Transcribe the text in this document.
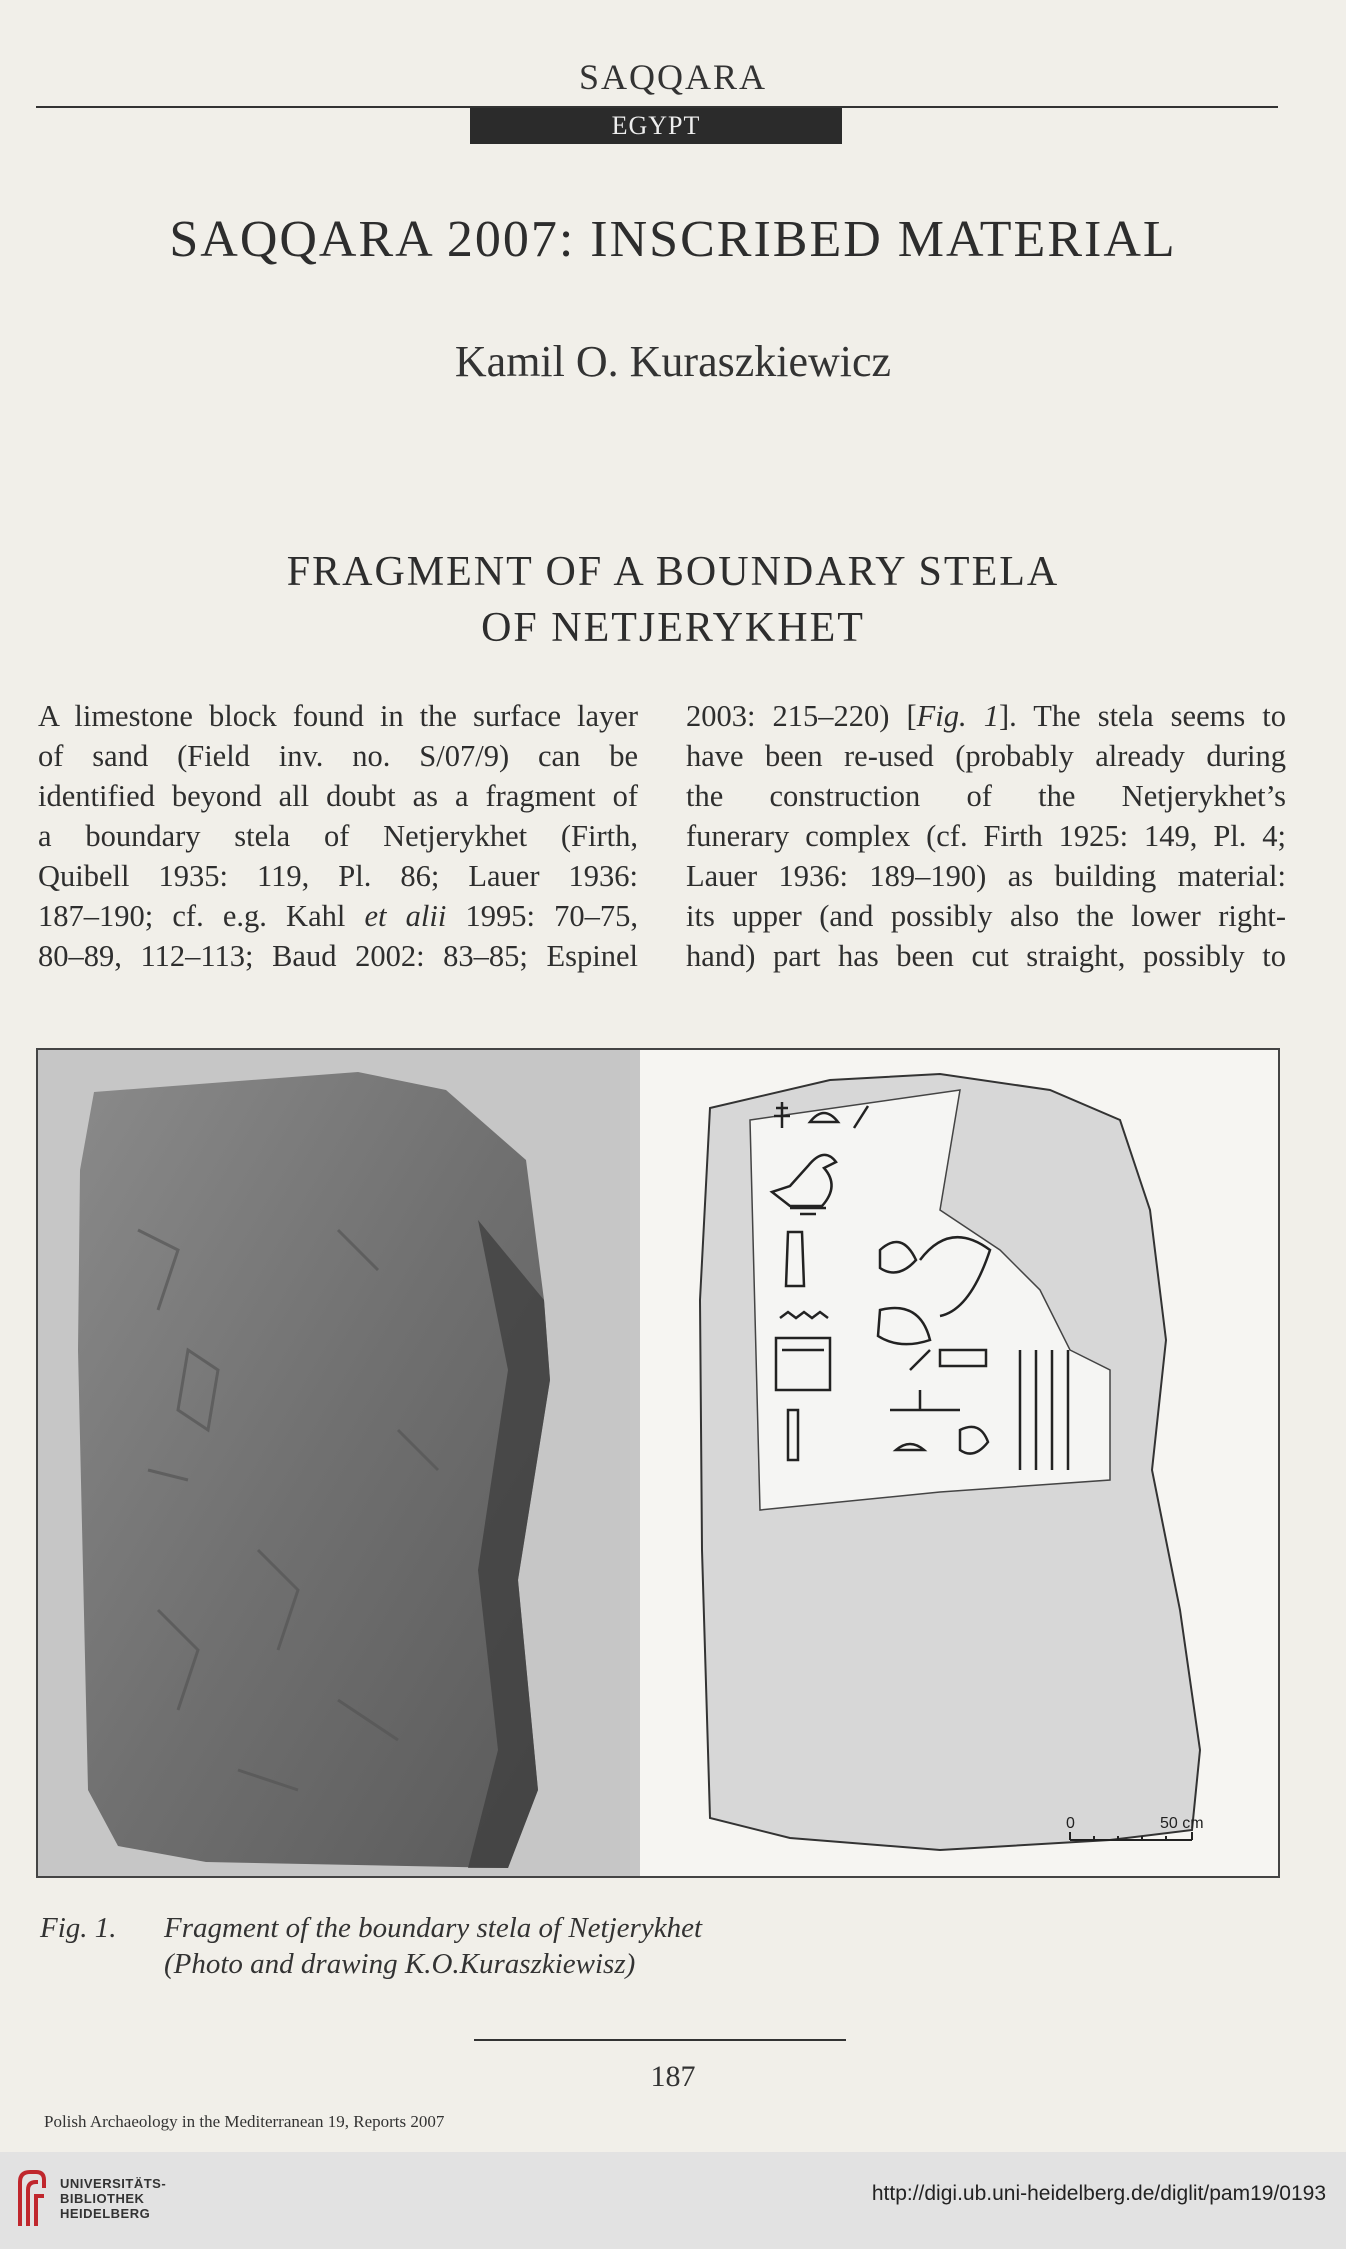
SAQQARA
EGYPT
SAQQARA 2007: INSCRIBED MATERIAL
Kamil O. Kuraszkiewicz
FRAGMENT OF A BOUNDARY STELA
OF NETJERYKHET
A limestone block found in the surface layer
of sand (Field inv. no. S/07/9) can be
identified beyond all doubt as a fragment of
a boundary stela of Netjerykhet (Firth,
Quibell 1935: 119, Pl. 86; Lauer 1936:
187–190; cf. e.g. Kahl et alii 1995: 70–75,
80–89, 112–113; Baud 2002: 83–85; Espinel
2003: 215–220) [Fig. 1]. The stela seems to
have been re-used (probably already during
the construction of the Netjerykhet’s
funerary complex (cf. Firth 1925: 149, Pl. 4;
Lauer 1936: 189–190) as building material:
its upper (and possibly also the lower right-
hand) part has been cut straight, possibly to
0	50 cm
Fig. 1. Fragment of the boundary stela of Netjerykhet
(Photo and drawing K.O.Kuraszkiewisz)
187
Polish Archaeology in the Mediterranean 19, Reports 2007
UNIVERSITÄTS-
BIBLIOTHEK
HEIDELBERG
http://digi.ub.uni-heidelberg.de/diglit/pam19/0193
